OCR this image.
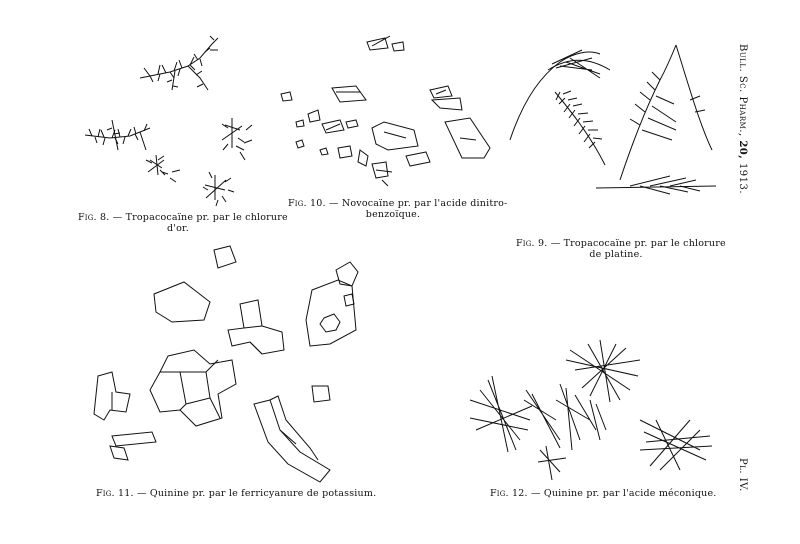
Fig. 8. — Tropacocaïne pr. par le chlorure
d'or.
Fig. 10. — Novocaïne pr. par l'acide dinitro-
benzoïque.
Fig. 9. — Tropacocaïne pr. par le chlorure
de platine.
Fig. 11. — Quinine pr. par le ferricyanure de potassium.	Fig. 12. — Quinine pr. par l'acide méconique.
Bull. Sc. Pharm., 20, 1913.
Pl. IV.
